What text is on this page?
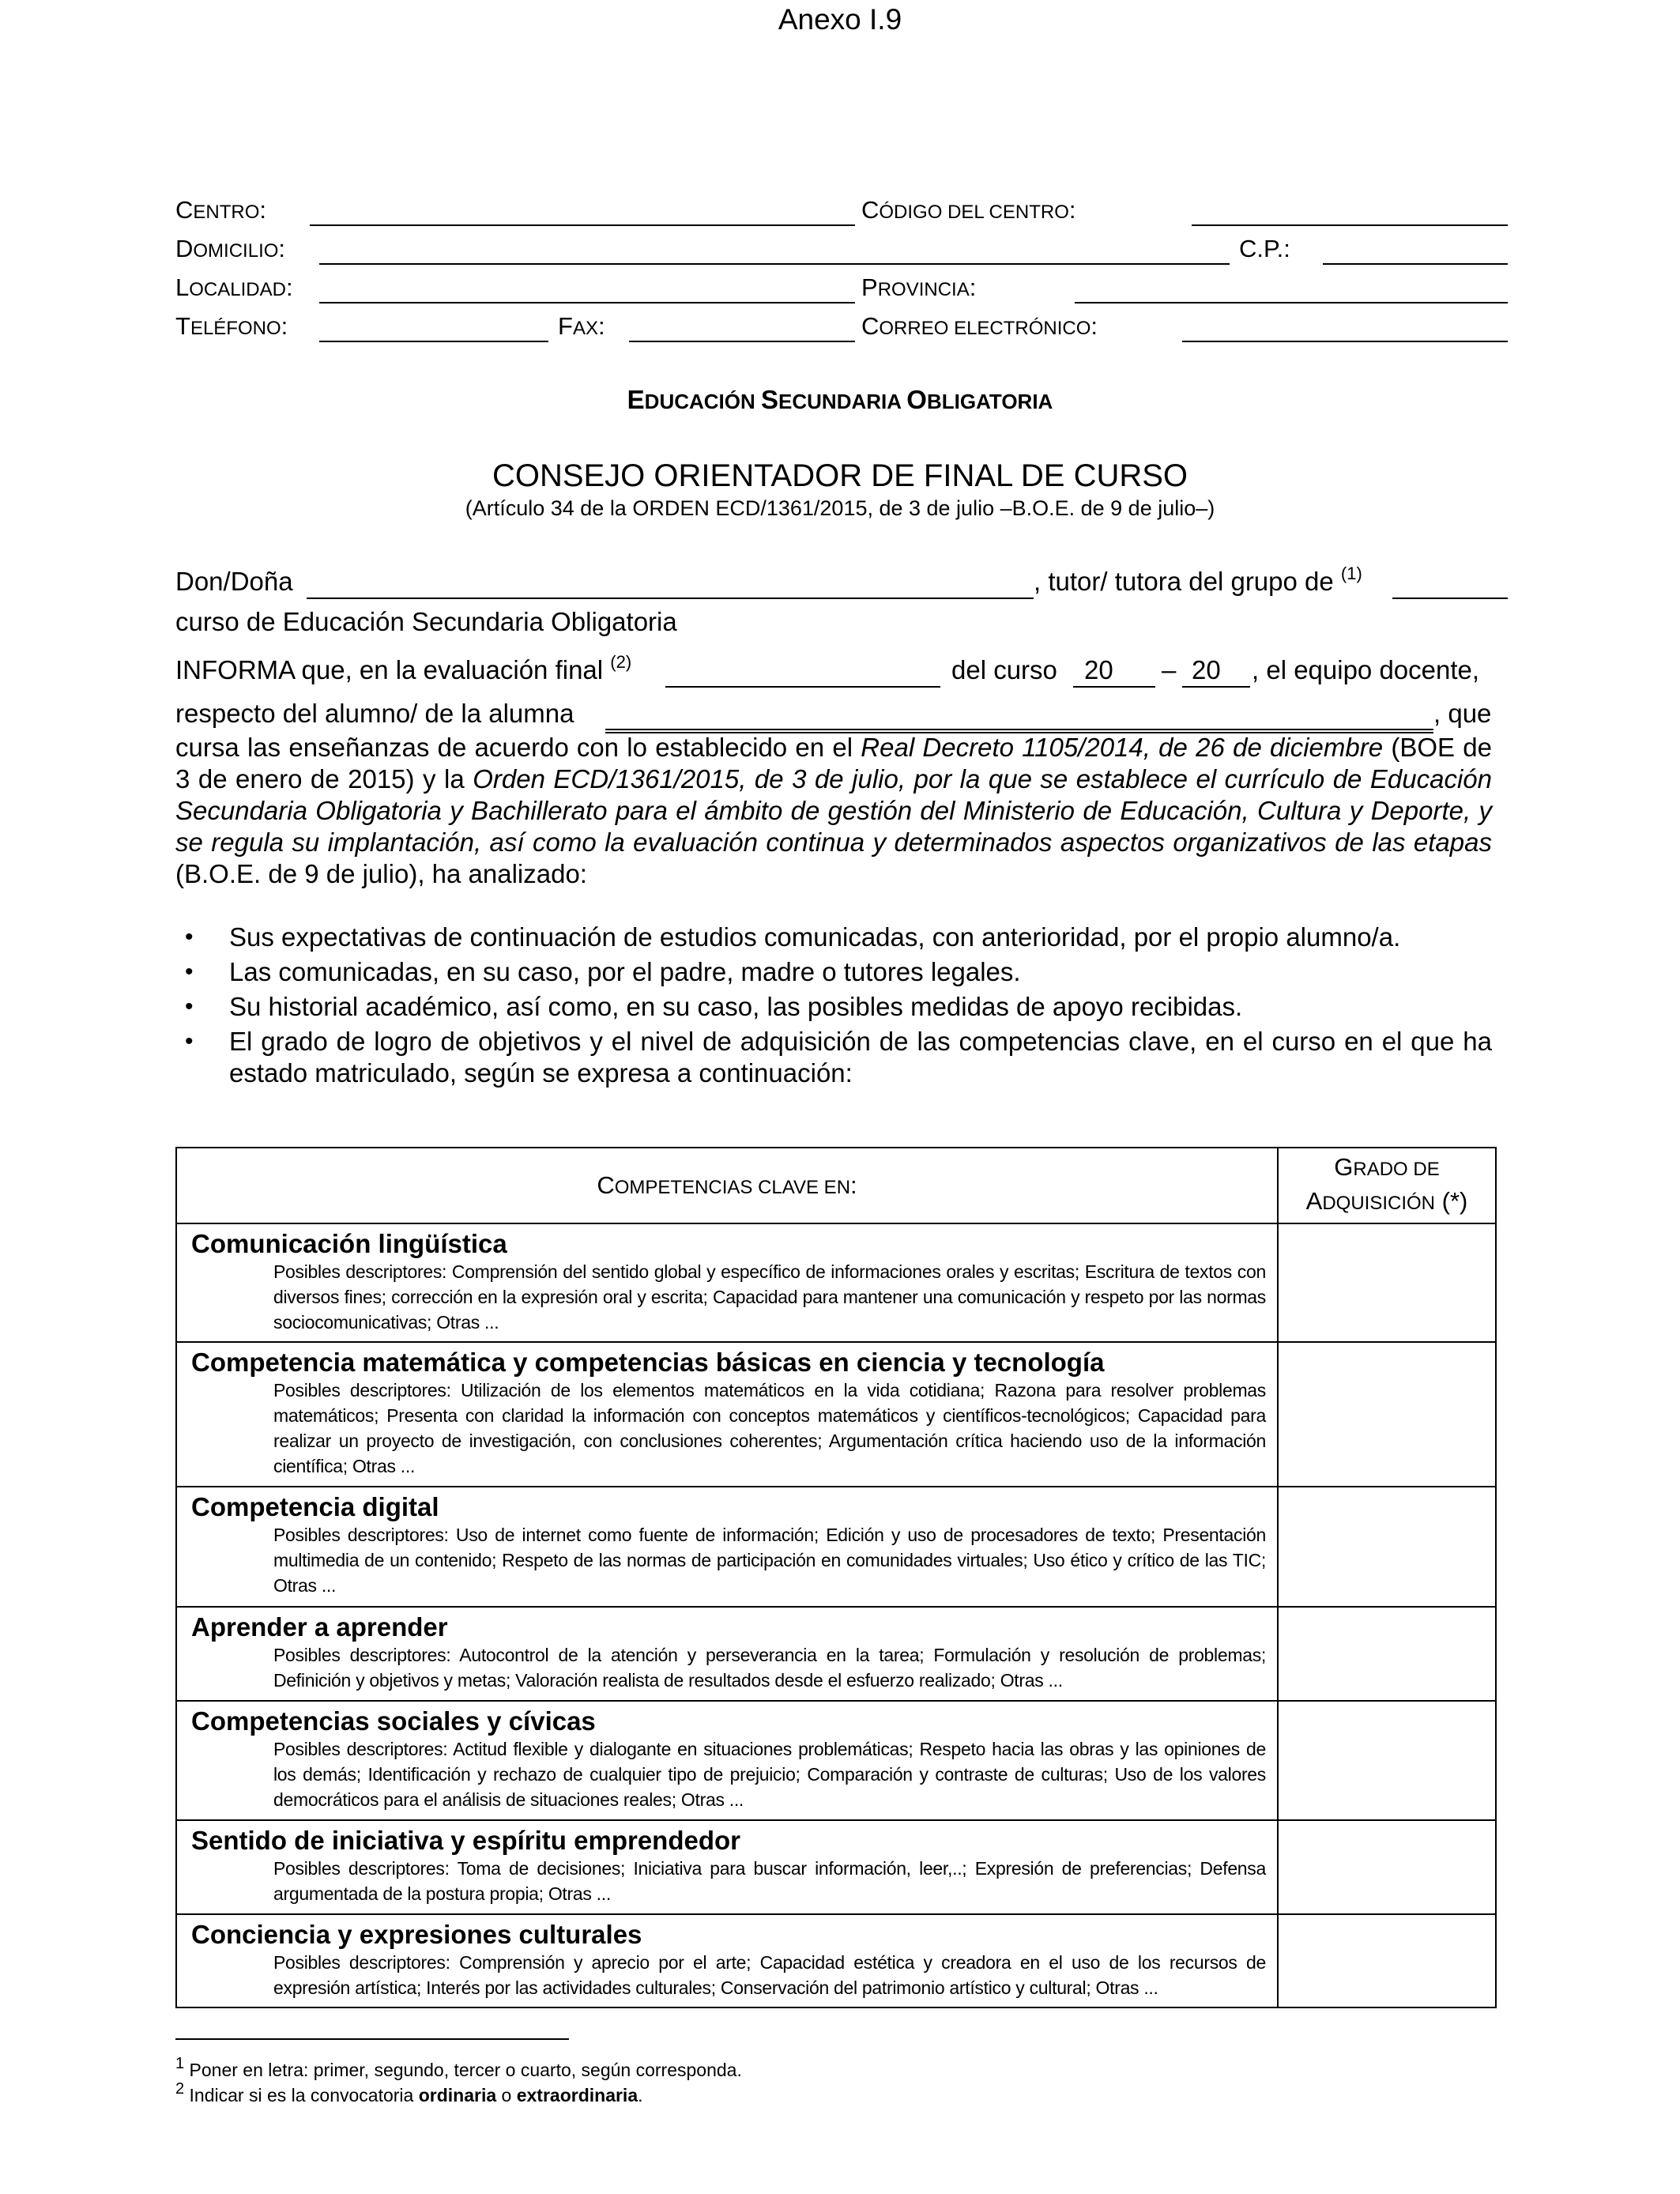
Anexo I.9
CENTRO:	CÓDIGO DEL CENTRO:
DOMICILIO:	C.P.:
LOCALIDAD:	PROVINCIA:
TELÉFONO:	FAX:	CORREO ELECTRÓNICO:
EDUCACIÓN SECUNDARIA OBLIGATORIA
CONSEJO ORIENTADOR DE FINAL DE CURSO
(Artículo 34 de la ORDEN ECD/1361/2015, de 3 de julio –B.O.E. de 9 de julio–)
Don/Doña	, tutor/ tutora del grupo de $^{(1)}$
curso de Educación Secundaria Obligatoria
INFORMA que, en la evaluación final $^{(2)}$	del curso 20 – 20 , el equipo docente,
respecto del alumno/ de la alumna	, que
cursa las enseñanzas de acuerdo con lo establecido en el Real Decreto 1105/2014, de 26 de diciembre (BOE de 3 de enero de 2015) y la Orden ECD/1361/2015, de 3 de julio, por la que se establece el currículo de Educación Secundaria Obligatoria y Bachillerato para el ámbito de gestión del Ministerio de Educación, Cultura y Deporte, y se regula su implantación, así como la evaluación continua y determinados aspectos organizativos de las etapas (B.O.E. de 9 de julio), ha analizado:
• Sus expectativas de continuación de estudios comunicadas, con anterioridad, por el propio alumno/a.
• Las comunicadas, en su caso, por el padre, madre o tutores legales.
• Su historial académico, así como, en su caso, las posibles medidas de apoyo recibidas.
• El grado de logro de objetivos y el nivel de adquisición de las competencias clave, en el curso en el que ha estado matriculado, según se expresa a continuación:
COMPETENCIAS CLAVE EN:	GRADO DE
ADQUISICIÓN (*)

Comunicación lingüística
Posibles descriptores: Comprensión del sentido global y específico de informaciones orales y escritas; Escritura de textos con diversos fines; corrección en la expresión oral y escrita; Capacidad para mantener una comunicación y respeto por las normas sociocomunicativas; Otras ...	

Competencia matemática y competencias básicas en ciencia y tecnología
Posibles descriptores: Utilización de los elementos matemáticos en la vida cotidiana; Razona para resolver problemas matemáticos; Presenta con claridad la información con conceptos matemáticos y científicos-tecnológicos; Capacidad para realizar un proyecto de investigación, con conclusiones coherentes; Argumentación crítica haciendo uso de la información científica; Otras ...	

Competencia digital
Posibles descriptores: Uso de internet como fuente de información; Edición y uso de procesadores de texto; Presentación multimedia de un contenido; Respeto de las normas de participación en comunidades virtuales; Uso ético y crítico de las TIC; Otras ...	

Aprender a aprender
Posibles descriptores: Autocontrol de la atención y perseverancia en la tarea; Formulación y resolución de problemas; Definición y objetivos y metas; Valoración realista de resultados desde el esfuerzo realizado; Otras ...	

Competencias sociales y cívicas
Posibles descriptores: Actitud flexible y dialogante en situaciones problemáticas; Respeto hacia las obras y las opiniones de los demás; Identificación y rechazo de cualquier tipo de prejuicio; Comparación y contraste de culturas; Uso de los valores democráticos para el análisis de situaciones reales; Otras ...	

Sentido de iniciativa y espíritu emprendedor
Posibles descriptores: Toma de decisiones; Iniciativa para buscar información, leer,..; Expresión de preferencias; Defensa argumentada de la postura propia; Otras ...	

Conciencia y expresiones culturales
Posibles descriptores: Comprensión y aprecio por el arte; Capacidad estética y creadora en el uso de los recursos de expresión artística; Interés por las actividades culturales; Conservación del patrimonio artístico y cultural; Otras ...	

$^1$ Poner en letra: primer, segundo, tercer o cuarto, según corresponda.
$^2$ Indicar si es la convocatoria ordinaria o extraordinaria.
